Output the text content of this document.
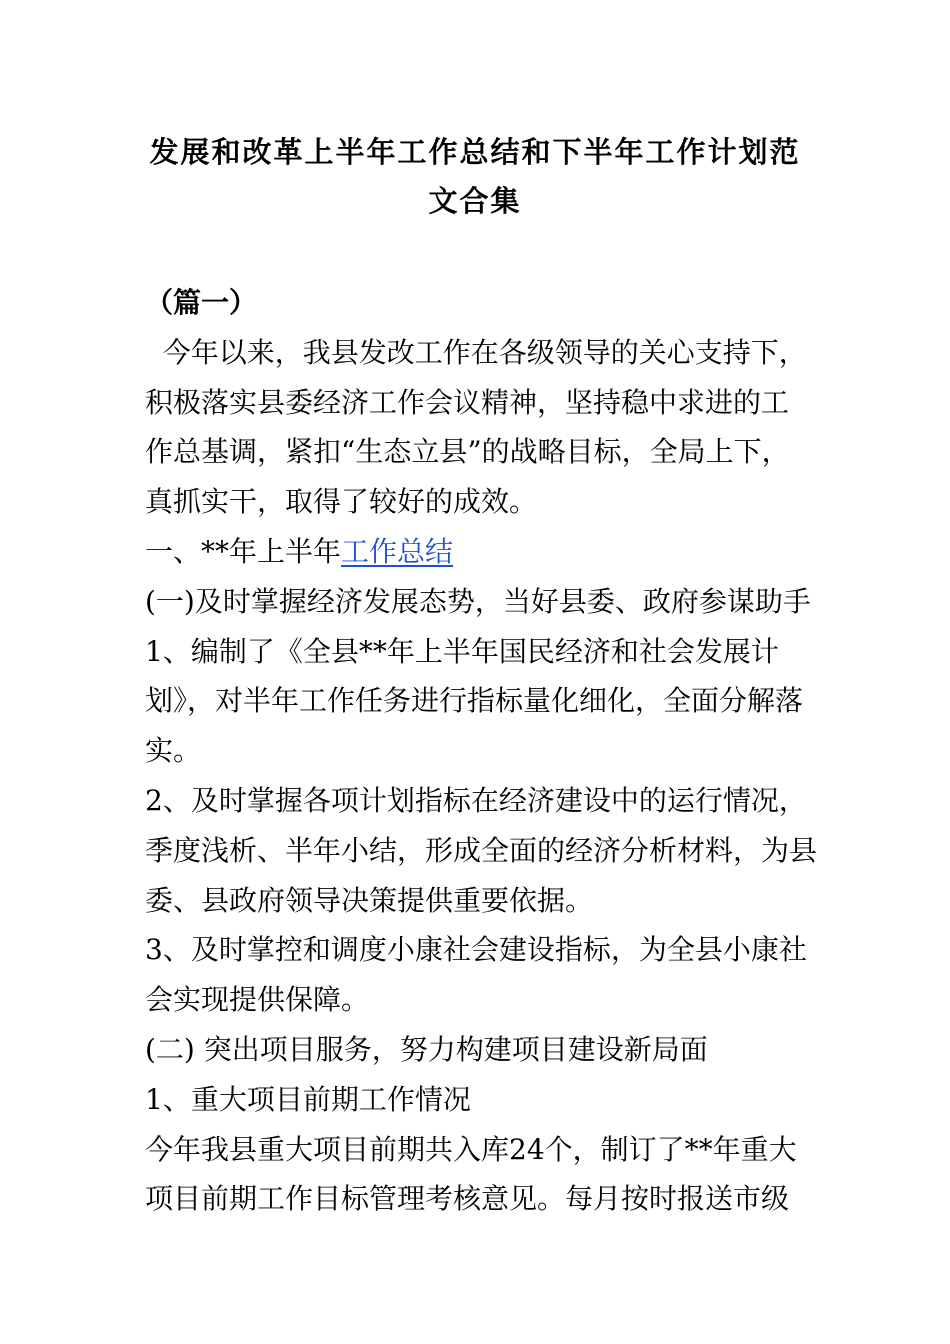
发展和改革上半年工作总结和下半年工作计划范
文合集

（篇一）

今年以来，我县发改工作在各级领导的关心支持下，

积极落实县委经济工作会议精神，坚持稳中求进的工

作总基调，紧扣“生态立县”的战略目标，全局上下，

真抓实干，取得了较好的成效。

一、**年上半年工作总结

(一)及时掌握经济发展态势，当好县委、政府参谋助手

1、编制了《全县**年上半年国民经济和社会发展计

划》，对半年工作任务进行指标量化细化，全面分解落

实。

2、及时掌握各项计划指标在经济建设中的运行情况，

季度浅析、半年小结，形成全面的经济分析材料，为县

委、县政府领导决策提供重要依据。

3、及时掌控和调度小康社会建设指标，为全县小康社

会实现提供保障。

(二) 突出项目服务，努力构建项目建设新局面

1、重大项目前期工作情况

今年我县重大项目前期共入库24个，制订了**年重大

项目前期工作目标管理考核意见。每月按时报送市级
